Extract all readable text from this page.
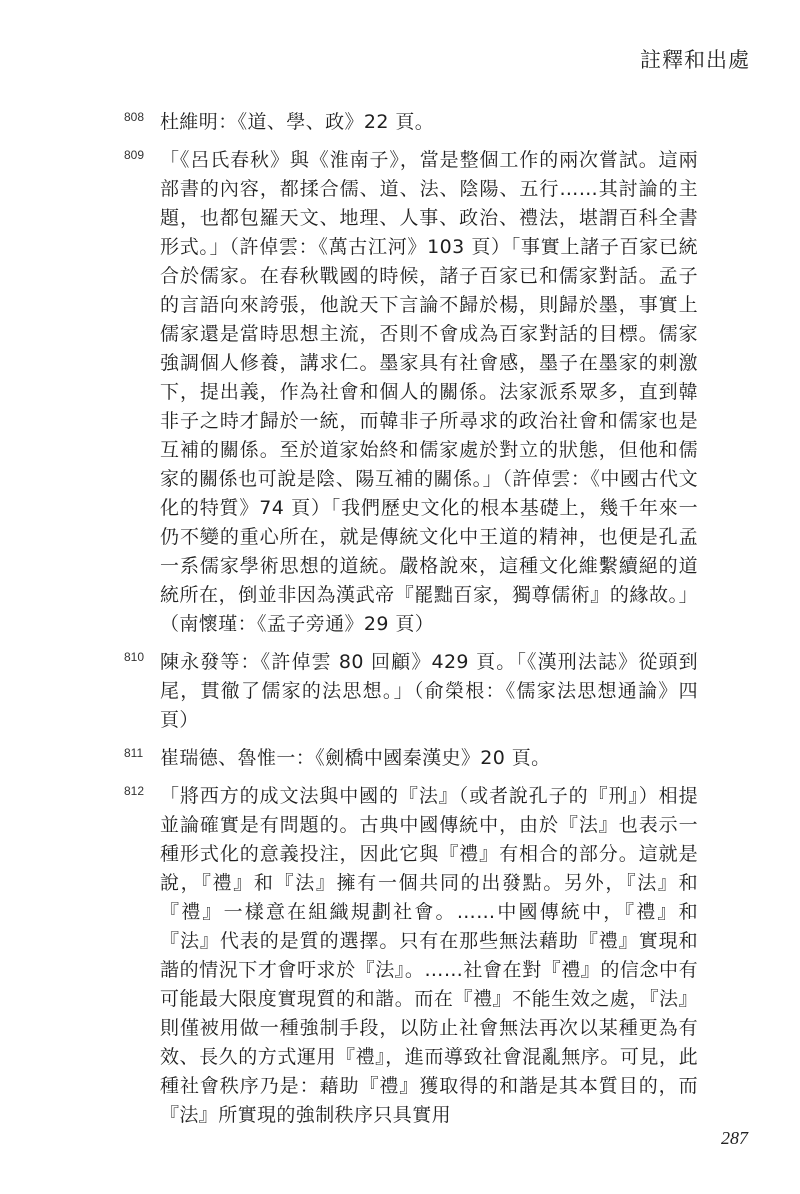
註釋和出處
808 杜維明：《道、學、政》22 頁。
809 「《呂氏春秋》與《淮南子》，當是整個工作的兩次嘗試。這兩部書的內容，都揉合儒、道、法、陰陽、五行……其討論的主題，也都包羅天文、地理、人事、政治、禮法，堪謂百科全書形式。」（許倬雲：《萬古江河》103 頁）「事實上諸子百家已統合於儒家。在春秋戰國的時候，諸子百家已和儒家對話。孟子的言語向來誇張，他說天下言論不歸於楊，則歸於墨，事實上儒家還是當時思想主流，否則不會成為百家對話的目標。儒家強調個人修養，講求仁。墨家具有社會感，墨子在墨家的刺激下，提出義，作為社會和個人的關係。法家派系眾多，直到韓非子之時才歸於一統，而韓非子所尋求的政治社會和儒家也是互補的關係。至於道家始終和儒家處於對立的狀態，但他和儒家的關係也可說是陰、陽互補的關係。」（許倬雲：《中國古代文化的特質》74 頁）「我們歷史文化的根本基礎上，幾千年來一仍不變的重心所在，就是傳統文化中王道的精神，也便是孔孟一系儒家學術思想的道統。嚴格說來，這種文化維繫續絕的道統所在，倒並非因為漢武帝『罷黜百家，獨尊儒術』的緣故。」（南懷瑾：《孟子旁通》29 頁）
810 陳永發等：《許倬雲 80 回顧》429 頁。「《漢刑法誌》從頭到尾，貫徹了儒家的法思想。」（俞榮根：《儒家法思想通論》四頁）
811 崔瑞德、魯惟一：《劍橋中國秦漢史》20 頁。
812 「將西方的成文法與中國的『法』（或者說孔子的『刑』）相提並論確實是有問題的。古典中國傳統中，由於『法』也表示一種形式化的意義投注，因此它與『禮』有相合的部分。這就是說，『禮』和『法』擁有一個共同的出發點。另外，『法』和『禮』一樣意在組織規劃社會。……中國傳統中，『禮』和『法』代表的是質的選擇。只有在那些無法藉助『禮』實現和諧的情況下才會吁求於『法』。……社會在對『禮』的信念中有可能最大限度實現質的和諧。而在『禮』不能生效之處，『法』則僅被用做一種強制手段，以防止社會無法再次以某種更為有效、長久的方式運用『禮』，進而導致社會混亂無序。可見，此種社會秩序乃是：藉助『禮』獲取得的和諧是其本質目的，而『法』所實現的強制秩序只具實用
287
